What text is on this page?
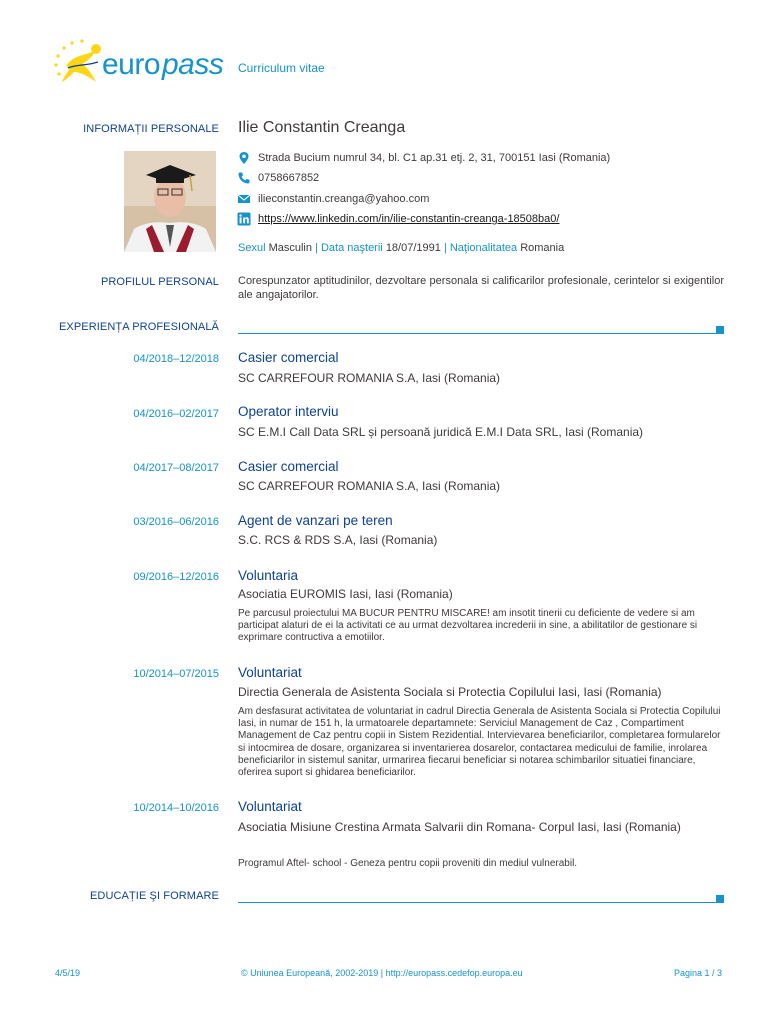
euro pass Curriculum vitae
INFORMAȚII PERSONALE Ilie Constantin Creanga
Strada Bucium numrul 34, bl. C1 ap.31 etj. 2, 31, 700151 Iasi (Romania)
0758667852
ilieconstantin.creanga@yahoo.com
https://www.linkedin.com/in/ilie-constantin-creanga-18508ba0/
Sexul Masculin | Data naşterii 18/07/1991 | Naţionalitatea Romania
PROFILUL PERSONAL Corespunzator aptitudinilor, dezvoltare personala si calificarilor profesionale, cerintelor si exigentilor ale angajatorilor.
EXPERIENȚA PROFESIONALĂ
04/2018–12/2018 Casier comercial
SC CARREFOUR ROMANIA S.A, Iasi (Romania)
04/2016–02/2017 Operator interviu
SC E.M.I Call Data SRL și persoană juridică E.M.I Data SRL, Iasi (Romania)
04/2017–08/2017 Casier comercial
SC CARREFOUR ROMANIA S.A, Iasi (Romania)
03/2016–06/2016 Agent de vanzari pe teren
S.C. RCS & RDS S.A, Iasi (Romania)
09/2016–12/2016 Voluntaria
Asociatia EUROMIS Iasi, Iasi (Romania)
Pe parcusul proiectului MA BUCUR PENTRU MISCARE! am insotit tinerii cu deficiente de vedere si am participat alaturi de ei la activitati ce au urmat dezvoltarea increderii in sine, a abilitatilor de gestionare si exprimare contructiva a emotiilor.
10/2014–07/2015 Voluntariat
Directia Generala de Asistenta Sociala si Protectia Copilului Iasi, Iasi (Romania)
Am desfasurat activitatea de voluntariat in cadrul Directia Generala de Asistenta Sociala si Protectia Copilului Iasi, in numar de 151 h, la urmatoarele departamnete: Serviciul Management de Caz , Compartiment Management de Caz pentru copii in Sistem Rezidential. Intervievarea beneficiarilor, completarea formularelor si intocmirea de dosare, organizarea si inventarierea dosarelor, contactarea medicului de familie, inrolarea beneficiarilor in sistemul sanitar, urmarirea fiecarui beneficiar si notarea schimbarilor situatiei financiare, oferirea suport si ghidarea beneficiarilor.
10/2014–10/2016 Voluntariat
Asociatia Misiune Crestina Armata Salvarii din Romana- Corpul Iasi, Iasi (Romania)
Programul Aftel- school - Geneza pentru copii proveniti din mediul vulnerabil.
EDUCAȚIE ŞI FORMARE
4/5/19	© Uniunea Europeană, 2002-2019 | http://europass.cedefop.europa.eu	Pagina 1 / 3
